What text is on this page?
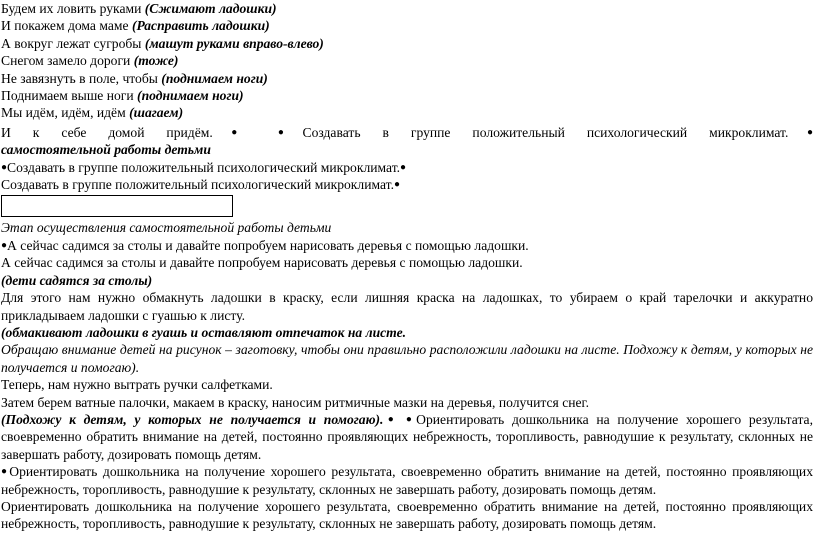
Будем их ловить руками (Сжимают ладошки)
И покажем дома маме (Расправить ладошки)
А вокруг лежат сугробы (машут руками вправо-влево)
Снегом замело дороги (тоже)
Не завязнуть в поле, чтобы (поднимаем ноги)
Поднимаем выше ноги (поднимаем ноги)
Мы идём, идём, идём (шагаем)
И к себе домой придём.● ●Создавать в группе положительный психологический микроклимат.●
самостоятельной работы детьми
●Создавать в группе положительный психологический микроклимат.●
Создавать в группе положительный психологический микроклимат.●
Этап осуществления самостоятельной работы детьми
●А сейчас садимся за столы и давайте попробуем нарисовать деревья с помощью ладошки.
А сейчас садимся за столы и давайте попробуем нарисовать деревья с помощью ладошки.
(дети садятся за столы)
Для этого нам нужно обмакнуть ладошки в краску, если лишняя краска на ладошках, то убираем о край тарелочки и аккуратно прикладываем ладошки с гуашью к листу.
(обмакивают ладошки в гуашь и оставляют отпечаток на листе.
Обращаю внимание детей на рисунок – заготовку, чтобы они правильно расположили ладошки на листе. Подхожу к детям, у которых не получается и помогаю).
Теперь, нам нужно вытрать ручки салфетками.
Затем берем ватные палочки, макаем в краску, наносим ритмичные мазки на деревья, получится снег.
(Подхожу к детям, у которых не получается и помогаю).● ●Ориентировать дошкольника на получение хорошего результата, своевременно обратить внимание на детей, постоянно проявляющих небрежность, торопливость, равнодушие к результату, склонных не завершать работу, дозировать помощь детям.
●Ориентировать дошкольника на получение хорошего результата, своевременно обратить внимание на детей, постоянно проявляющих небрежность, торопливость, равнодушие к результату, склонных не завершать работу, дозировать помощь детям.
Ориентировать дошкольника на получение хорошего результата, своевременно обратить внимание на детей, постоянно проявляющих небрежность, торопливость, равнодушие к результату, склонных не завершать работу, дозировать помощь детям.
